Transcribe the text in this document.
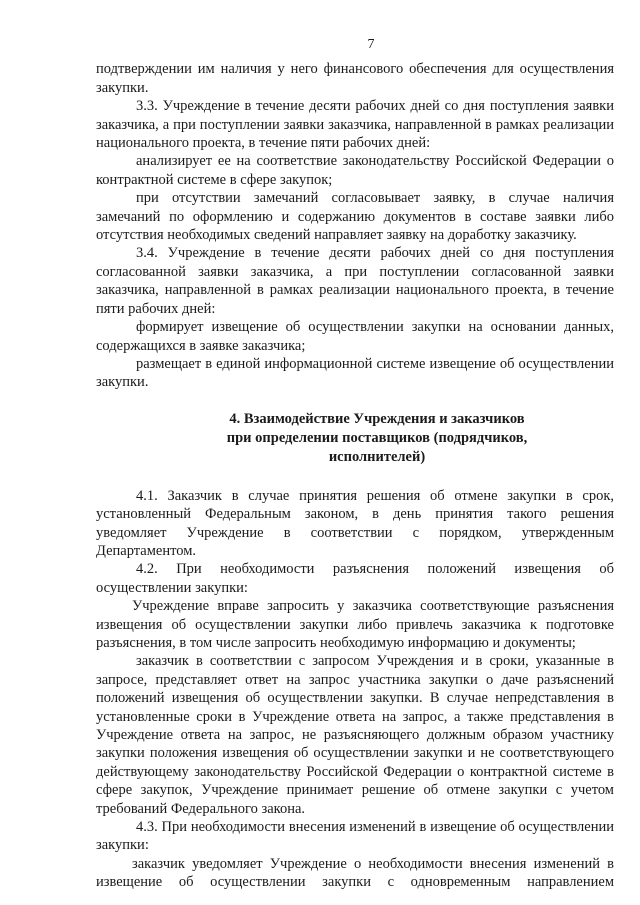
7

подтверждении им наличия у него финансового обеспечения для осуществления закупки.

3.3. Учреждение в течение десяти рабочих дней со дня поступления заявки заказчика, а при поступлении заявки заказчика, направленной в рамках реализации национального проекта, в течение пяти рабочих дней:

анализирует ее на соответствие законодательству Российской Федерации о контрактной системе в сфере закупок;

при отсутствии замечаний согласовывает заявку, в случае наличия замечаний по оформлению и содержанию документов в составе заявки либо отсутствия необходимых сведений направляет заявку на доработку заказчику.

3.4. Учреждение в течение десяти рабочих дней со дня поступления согласованной заявки заказчика, а при поступлении согласованной заявки заказчика, направленной в рамках реализации национального проекта, в течение пяти рабочих дней:

формирует извещение об осуществлении закупки на основании данных, содержащихся в заявке заказчика;

размещает в единой информационной системе извещение об осуществлении закупки.

4. Взаимодействие Учреждения и заказчиков
при определении поставщиков (подрядчиков,
исполнителей)

4.1. Заказчик в случае принятия решения об отмене закупки в срок, установленный Федеральным законом, в день принятия такого решения уведомляет Учреждение в соответствии с порядком, утвержденным Департаментом.

4.2. При необходимости разъяснения положений извещения об осуществлении закупки:

Учреждение вправе запросить у заказчика соответствующие разъяснения извещения об осуществлении закупки либо привлечь заказчика к подготовке разъяснения, в том числе запросить необходимую информацию и документы;

заказчик в соответствии с запросом Учреждения и в сроки, указанные в запросе, представляет ответ на запрос участника закупки о даче разъяснений положений извещения об осуществлении закупки. В случае непредставления в установленные сроки в Учреждение ответа на запрос, а также представления в Учреждение ответа на запрос, не разъясняющего должным образом участнику закупки положения извещения об осуществлении закупки и не соответствующего действующему законодательству Российской Федерации о контрактной системе в сфере закупок, Учреждение принимает решение об отмене закупки с учетом требований Федерального закона.

4.3. При необходимости внесения изменений в извещение об осуществлении закупки:

заказчик уведомляет Учреждение о необходимости внесения изменений в извещение об осуществлении закупки с одновременным направлением
